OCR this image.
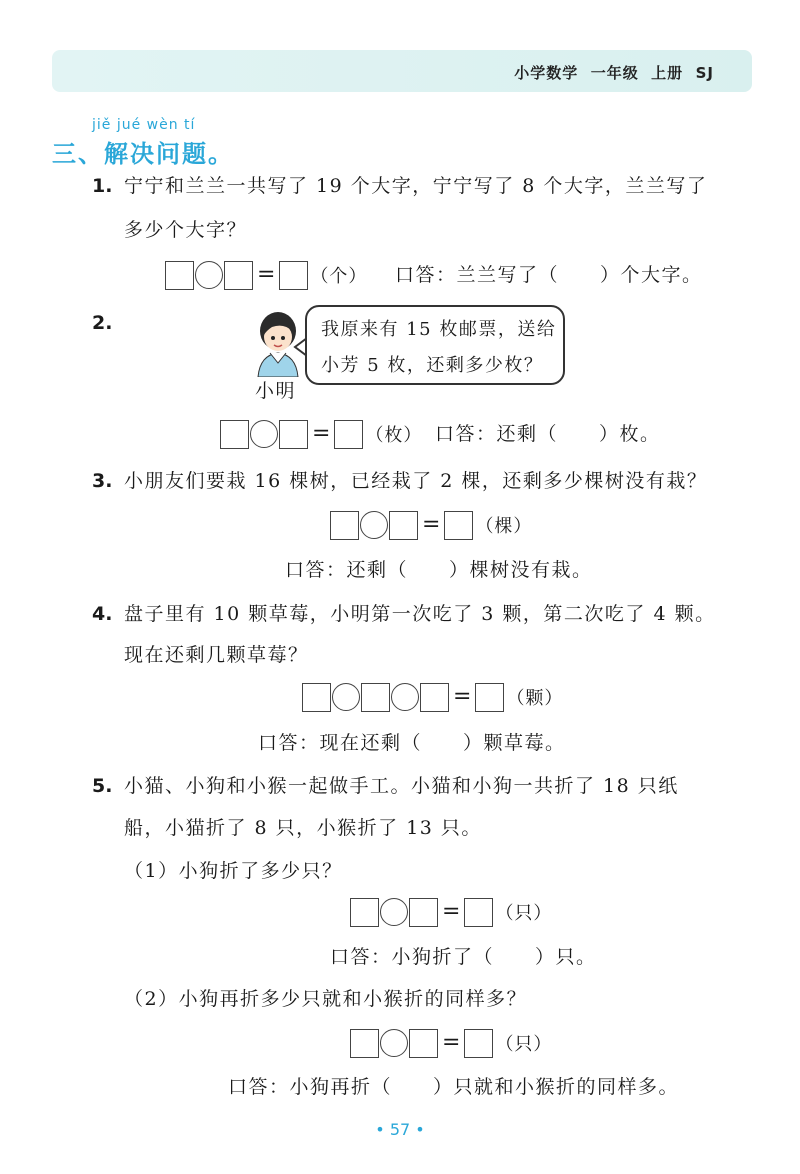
小学数学  一年级  上册  SJ
jiě jué wèn tí
三、解决问题。
1. 宁宁和兰兰一共写了 19 个大字，宁宁写了 8 个大字，兰兰写了
多少个大字？
= （个） 口答：兰兰写了（　　）个大字。
2.
小明
我原来有 15 枚邮票，送给
小芳 5 枚，还剩多少枚？
= （枚） 口答：还剩（　　）枚。
3. 小朋友们要栽 16 棵树，已经栽了 2 棵，还剩多少棵树没有栽？
= （棵）
口答：还剩（　　）棵树没有栽。
4. 盘子里有 10 颗草莓，小明第一次吃了 3 颗，第二次吃了 4 颗。
现在还剩几颗草莓？
= （颗）
口答：现在还剩（　　）颗草莓。
5. 小猫、小狗和小猴一起做手工。小猫和小狗一共折了 18 只纸
船，小猫折了 8 只，小猴折了 13 只。
（1）小狗折了多少只？
= （只）
口答：小狗折了（　　）只。
（2）小狗再折多少只就和小猴折的同样多？
= （只）
口答：小狗再折（　　）只就和小猴折的同样多。
• 57 •
